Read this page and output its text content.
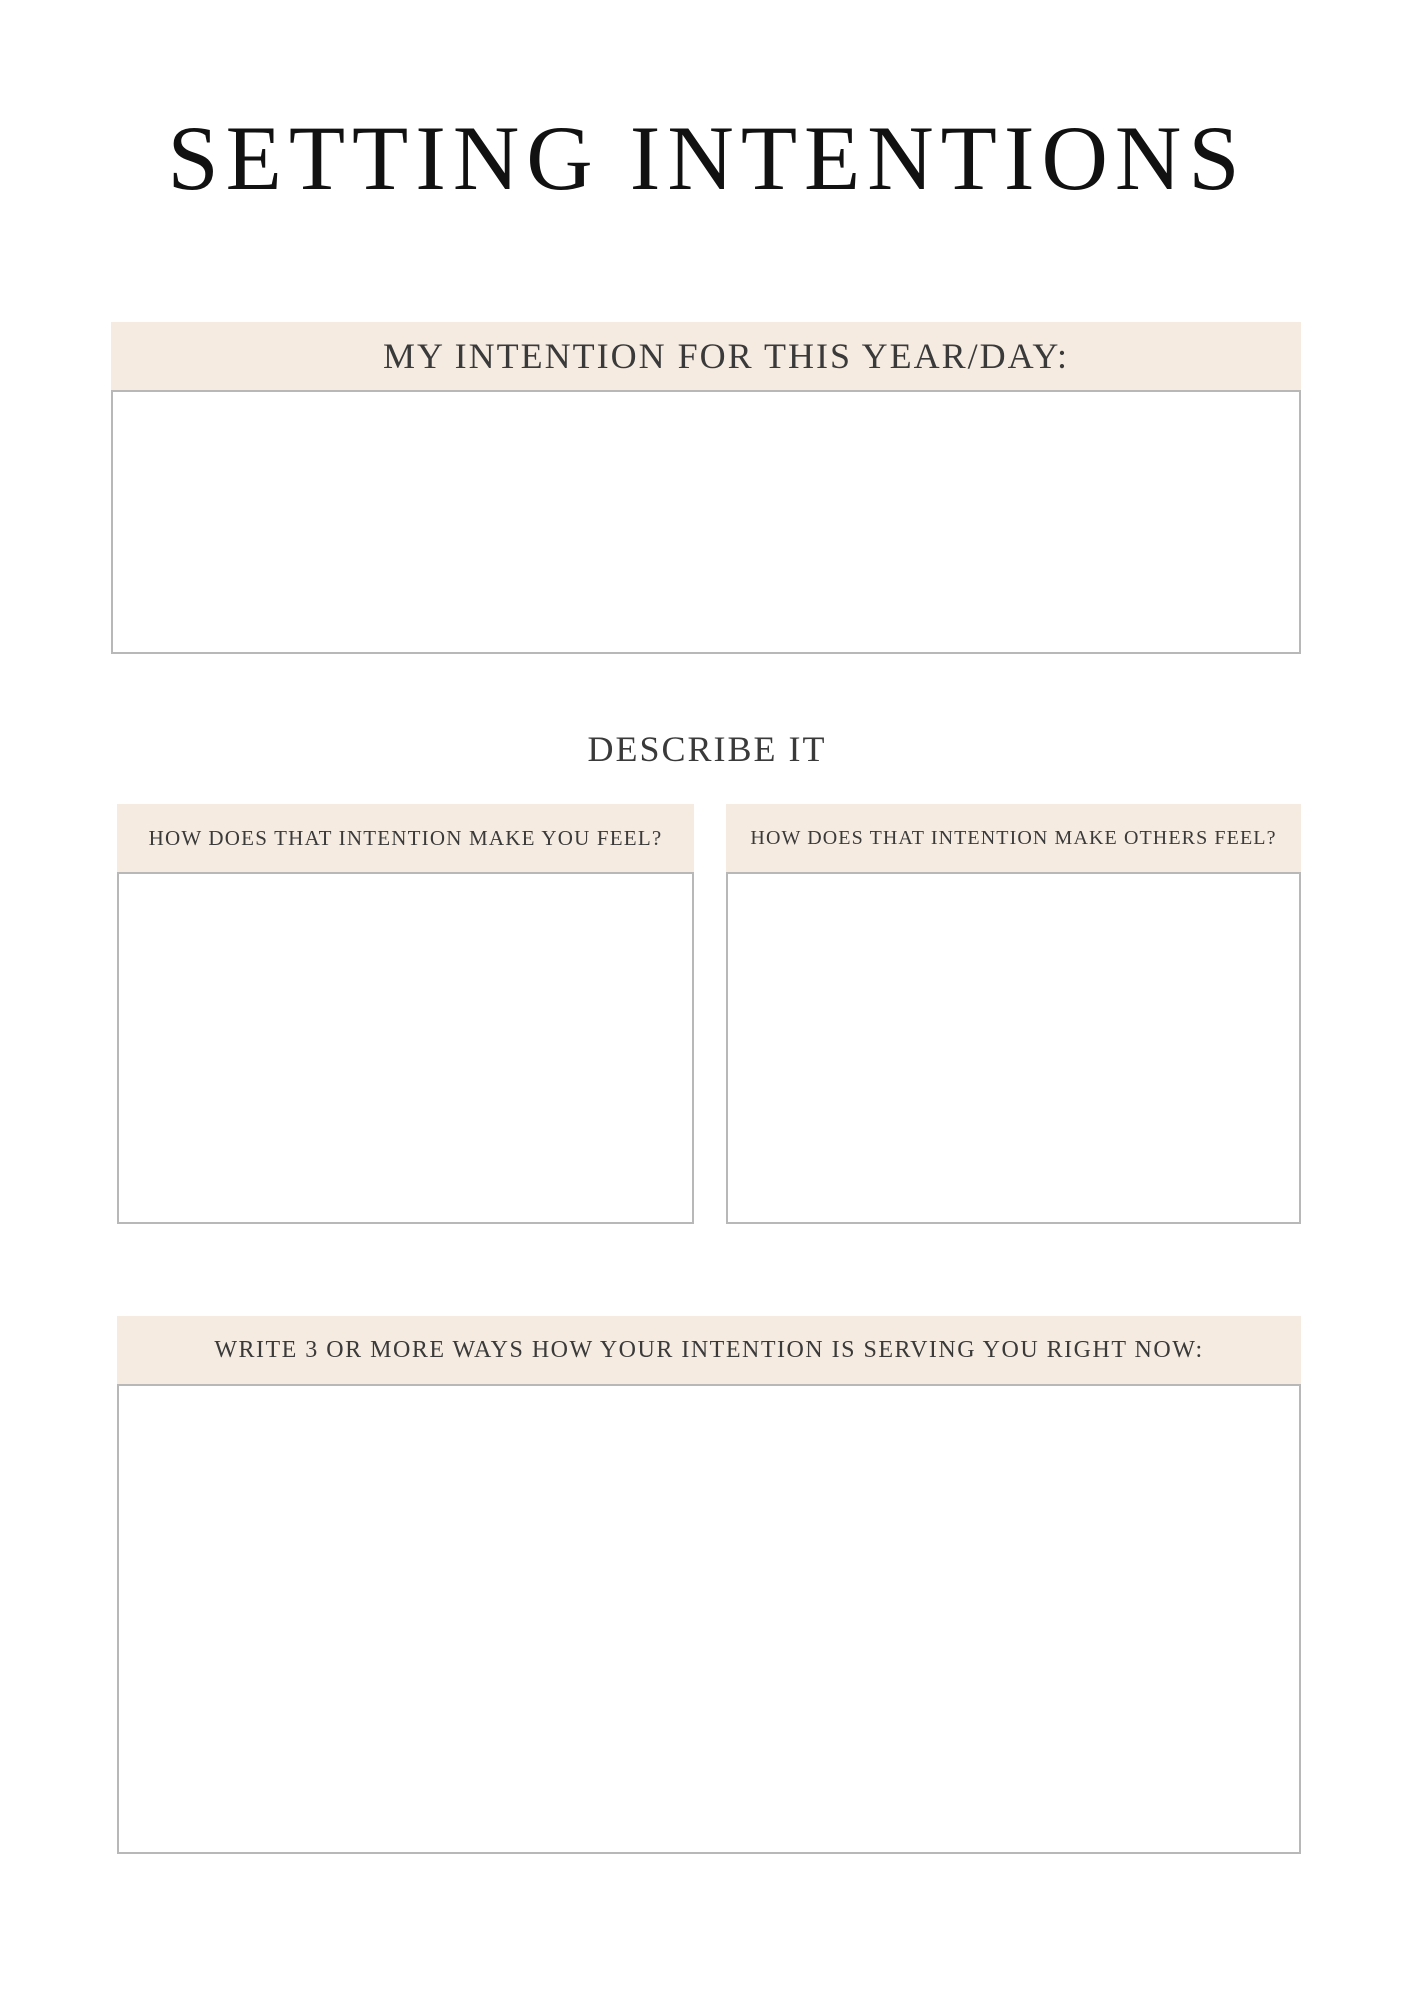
SETTING INTENTIONS
MY INTENTION FOR THIS YEAR/DAY:
DESCRIBE IT
HOW DOES THAT INTENTION MAKE YOU FEEL?	HOW DOES THAT INTENTION MAKE OTHERS FEEL?
WRITE 3 OR MORE WAYS HOW YOUR INTENTION IS SERVING YOU RIGHT NOW:
